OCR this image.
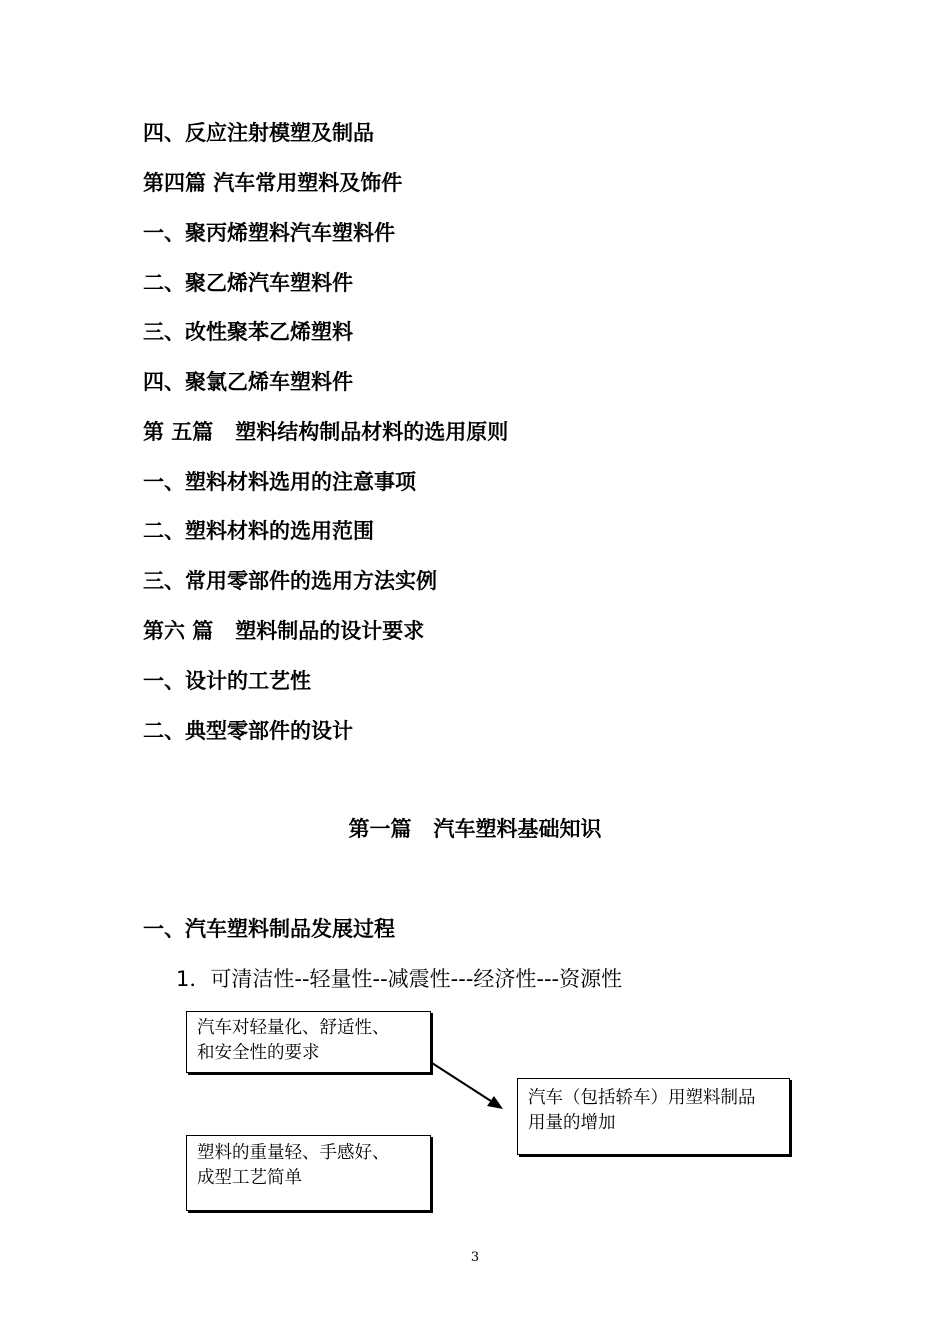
四、反应注射模塑及制品
第四篇 汽车常用塑料及饰件
一、聚丙烯塑料汽车塑料件
二、聚乙烯汽车塑料件
三、改性聚苯乙烯塑料
四、聚氯乙烯车塑料件
第 五篇   塑料结构制品材料的选用原则
一、塑料材料选用的注意事项
二、塑料材料的选用范围
三、常用零部件的选用方法实例
第六 篇   塑料制品的设计要求
一、设计的工艺性
二、典型零部件的设计
第一篇   汽车塑料基础知识
一、汽车塑料制品发展过程
1．可清洁性--轻量性--减震性---经济性---资源性
汽车对轻量化、舒适性、
和安全性的要求
汽车（包括轿车）用塑料制品
用量的增加
塑料的重量轻、手感好、
成型工艺简单
3
